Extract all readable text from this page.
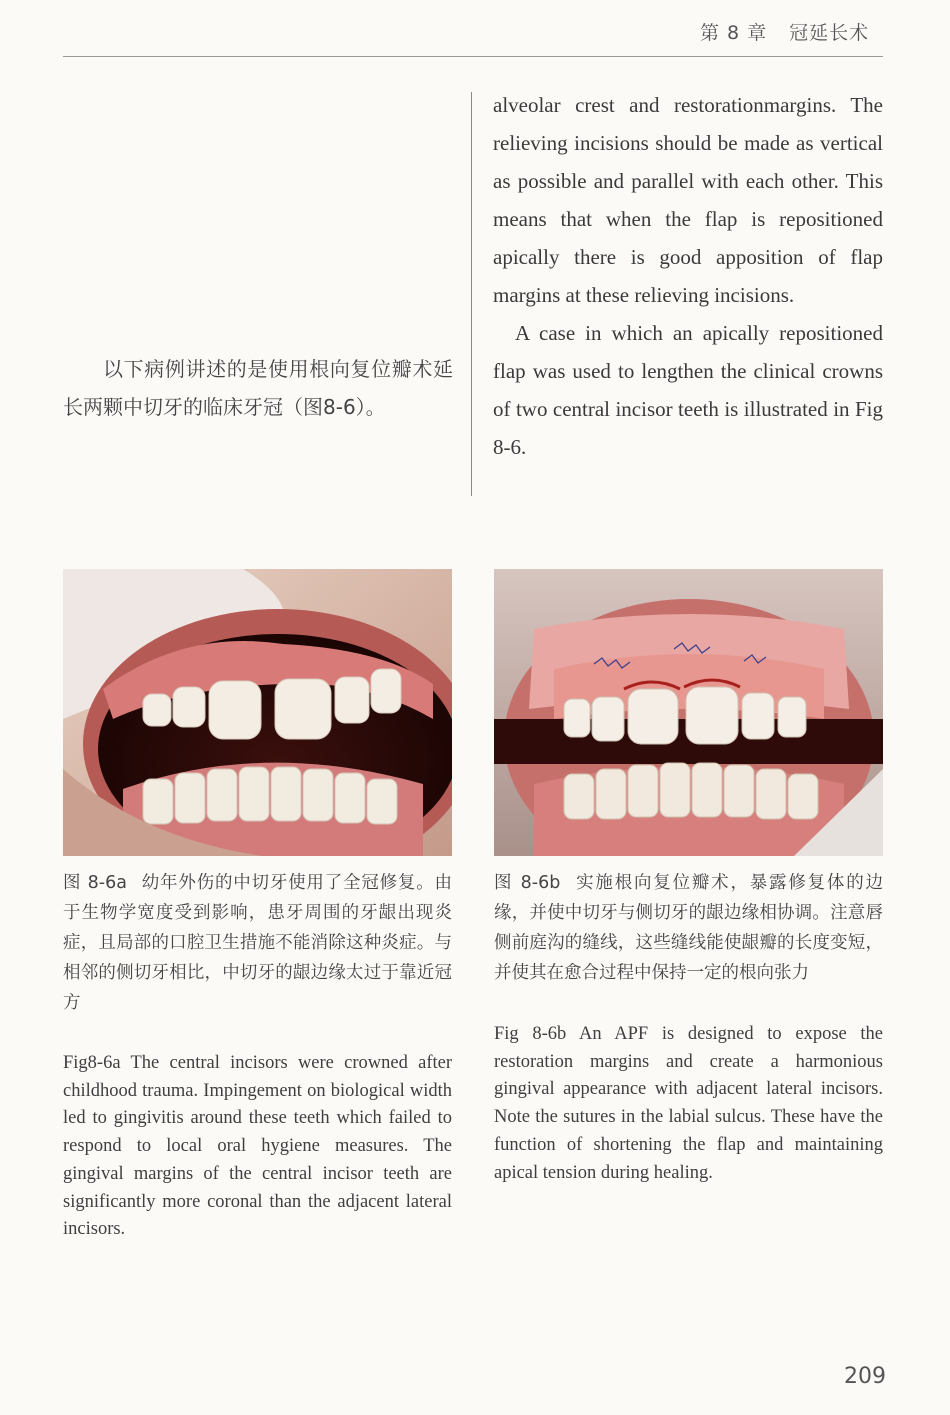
第 8 章 冠延长术

以下病例讲述的是使用根向复位瓣术延长两颗中切牙的临床牙冠（图8-6）。

alveolar crest and restorationmargins. The relieving incisions should be made as vertical as possible and parallel with each other. This means that when the flap is repositioned apically there is good apposition of flap margins at these relieving incisions.

A case in which an apically repositioned flap was used to lengthen the clinical crowns of two central incisor teeth is illustrated in Fig 8-6.

图 8-6a 幼年外伤的中切牙使用了全冠修复。由于生物学宽度受到影响，患牙周围的牙龈出现炎症，且局部的口腔卫生措施不能消除这种炎症。与相邻的侧切牙相比，中切牙的龈边缘太过于靠近冠方

Fig8-6a The central incisors were crowned after childhood trauma. Impingement on biological width led to gingivitis around these teeth which failed to respond to local oral hygiene measures. The gingival margins of the central incisor teeth are significantly more coronal than the adjacent lateral incisors.

图 8-6b 实施根向复位瓣术，暴露修复体的边缘，并使中切牙与侧切牙的龈边缘相协调。注意唇侧前庭沟的缝线，这些缝线能使龈瓣的长度变短，并使其在愈合过程中保持一定的根向张力

Fig 8-6b An APF is designed to expose the restoration margins and create a harmonious gingival appearance with adjacent lateral incisors. Note the sutures in the labial sulcus. These have the function of shortening the flap and maintaining apical tension during healing.

209
